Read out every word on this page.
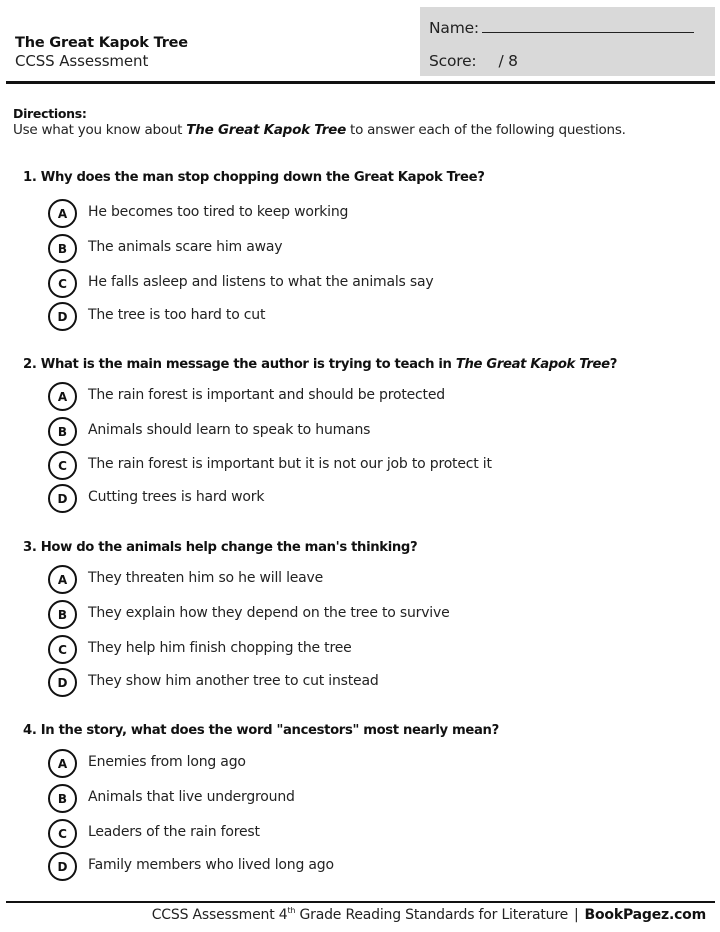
The Great Kapok Tree
CCSS Assessment
Name:
Score: / 8
Directions:
Use what you know about The Great Kapok Tree to answer each of the following questions.
1. Why does the man stop chopping down the Great Kapok Tree?
A	He becomes too tired to keep working
B	The animals scare him away
C	He falls asleep and listens to what the animals say
D	The tree is too hard to cut
2. What is the main message the author is trying to teach in The Great Kapok Tree?
A	The rain forest is important and should be protected
B	Animals should learn to speak to humans
C	The rain forest is important but it is not our job to protect it
D	Cutting trees is hard work
3. How do the animals help change the man's thinking?
A	They threaten him so he will leave
B	They explain how they depend on the tree to survive
C	They help him finish chopping the tree
D	They show him another tree to cut instead
4. In the story, what does the word "ancestors" most nearly mean?
A	Enemies from long ago
B	Animals that live underground
C	Leaders of the rain forest
D	Family members who lived long ago
CCSS Assessment 4th Grade Reading Standards for Literature | BookPagez.com
